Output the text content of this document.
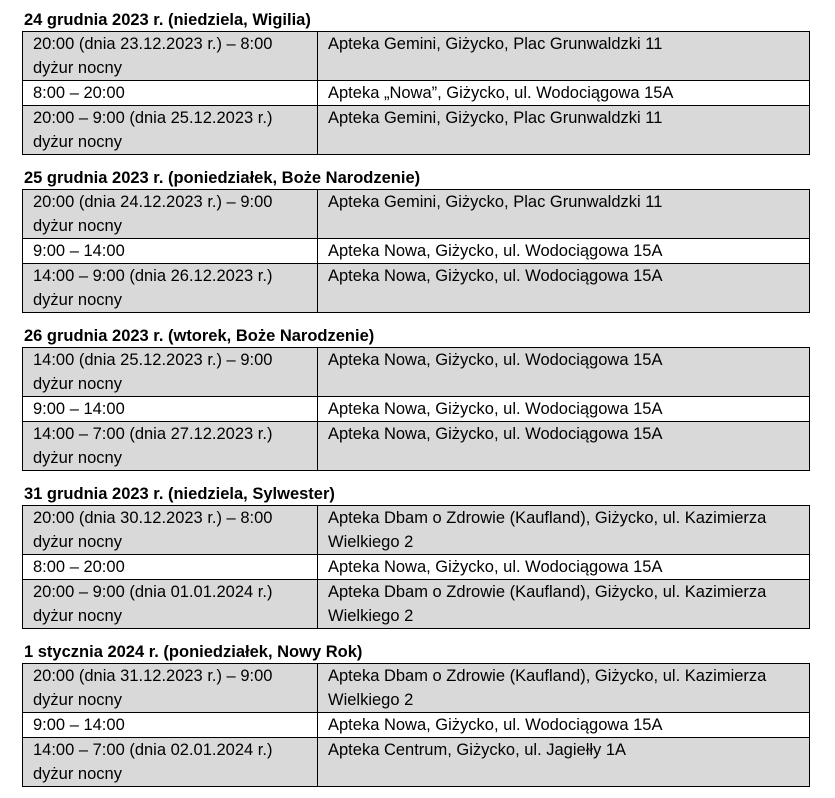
24 grudnia 2023 r. (niedziela, Wigilia)
20:00 (dnia 23.12.2023 r.) – 8:00
dyżur nocny	Apteka Gemini, Giżycko, Plac Grunwaldzki 11

8:00 – 20:00	Apteka „Nowa”, Giżycko, ul. Wodociągowa 15A

20:00 – 9:00 (dnia 25.12.2023 r.)
dyżur nocny	Apteka Gemini, Giżycko, Plac Grunwaldzki 11
25 grudnia 2023 r. (poniedziałek, Boże Narodzenie)
20:00 (dnia 24.12.2023 r.) – 9:00
dyżur nocny	Apteka Gemini, Giżycko, Plac Grunwaldzki 11

9:00 – 14:00	Apteka Nowa, Giżycko, ul. Wodociągowa 15A

14:00 – 9:00 (dnia 26.12.2023 r.)
dyżur nocny	Apteka Nowa, Giżycko, ul. Wodociągowa 15A
26 grudnia 2023 r. (wtorek, Boże Narodzenie)
14:00 (dnia 25.12.2023 r.) – 9:00
dyżur nocny	Apteka Nowa, Giżycko, ul. Wodociągowa 15A

9:00 – 14:00	Apteka Nowa, Giżycko, ul. Wodociągowa 15A

14:00 – 7:00 (dnia 27.12.2023 r.)
dyżur nocny	Apteka Nowa, Giżycko, ul. Wodociągowa 15A
31 grudnia 2023 r. (niedziela, Sylwester)
20:00 (dnia 30.12.2023 r.) – 8:00
dyżur nocny	Apteka Dbam o Zdrowie (Kaufland), Giżycko, ul. Kazimierza
Wielkiego 2

8:00 – 20:00	Apteka Nowa, Giżycko, ul. Wodociągowa 15A

20:00 – 9:00 (dnia 01.01.2024 r.)
dyżur nocny	Apteka Dbam o Zdrowie (Kaufland), Giżycko, ul. Kazimierza
Wielkiego 2
1 stycznia 2024 r. (poniedziałek, Nowy Rok)
20:00 (dnia 31.12.2023 r.) – 9:00
dyżur nocny	Apteka Dbam o Zdrowie (Kaufland), Giżycko, ul. Kazimierza
Wielkiego 2

9:00 – 14:00	Apteka Nowa, Giżycko, ul. Wodociągowa 15A

14:00 – 7:00 (dnia 02.01.2024 r.)
dyżur nocny	Apteka Centrum, Giżycko, ul. Jagiełły 1A
